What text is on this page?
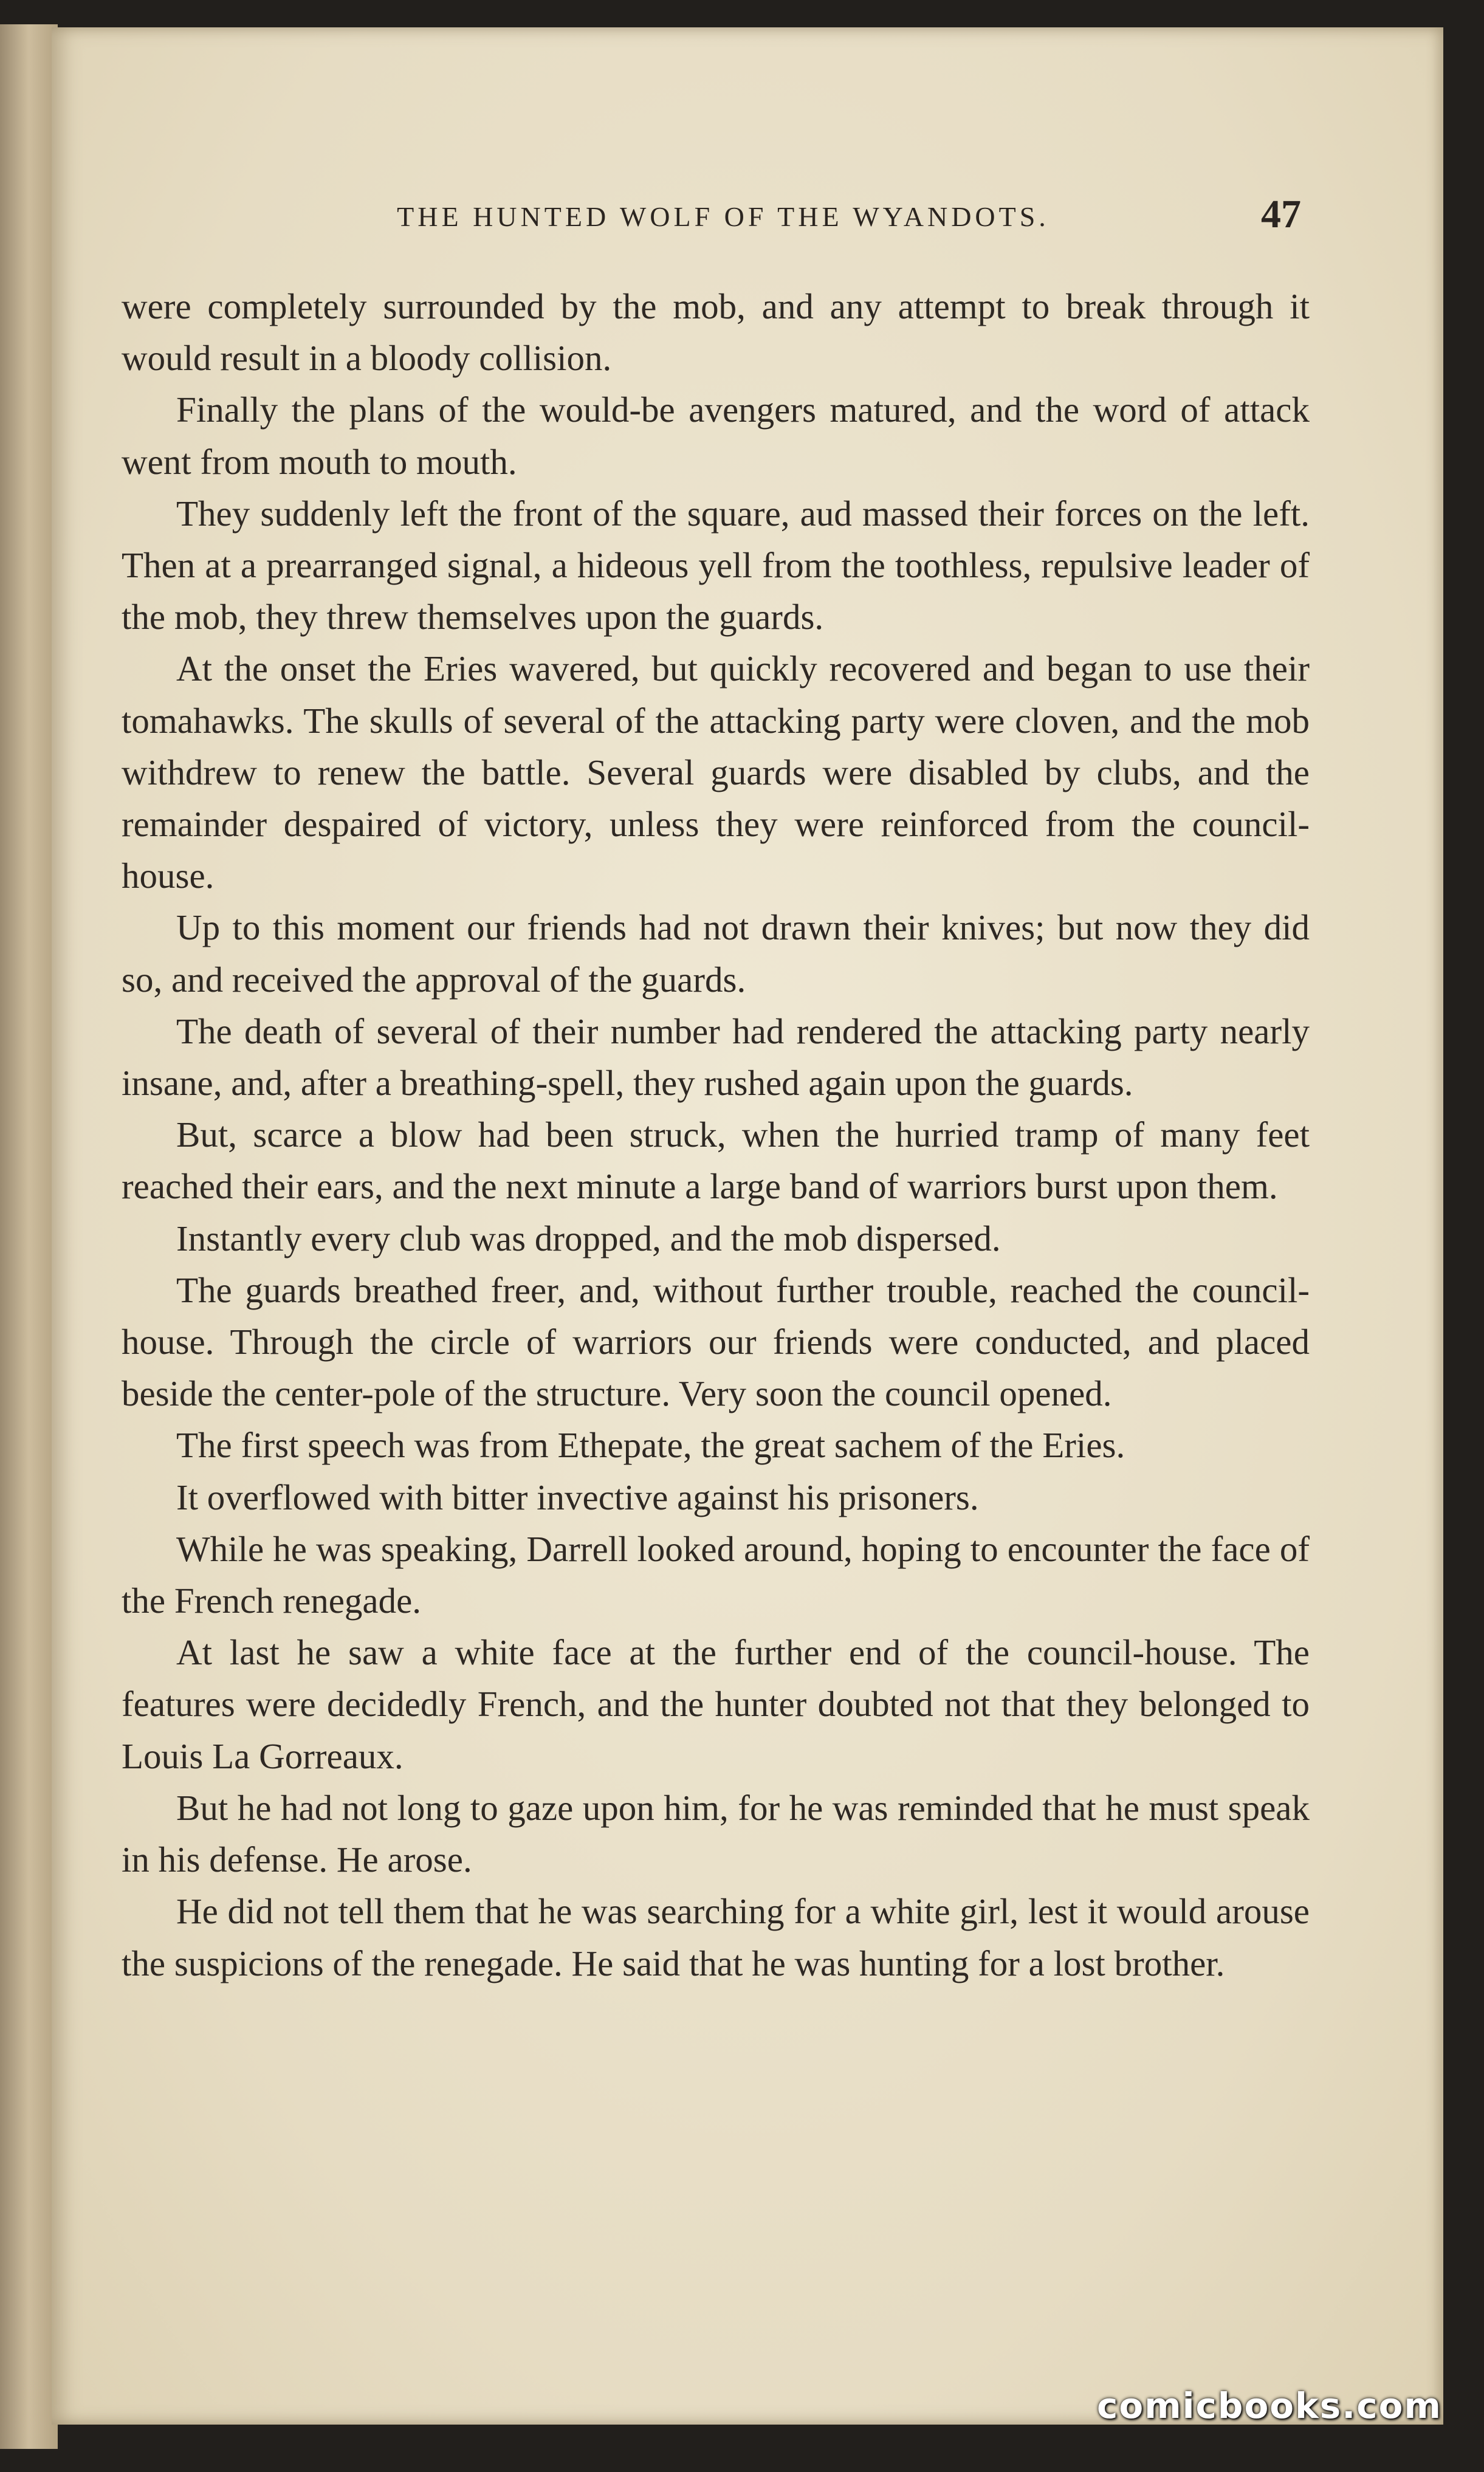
THE HUNTED WOLF OF THE WYANDOTS.	47

were completely surrounded by the mob, and any attempt to break through it would result in a bloody collision.

Finally the plans of the would-be avengers matured, and the word of attack went from mouth to mouth.

They suddenly left the front of the square, aud massed their forces on the left. Then at a prearranged signal, a hideous yell from the toothless, repulsive leader of the mob, they threw themselves upon the guards.

At the onset the Eries wavered, but quickly recovered and began to use their tomahawks. The skulls of several of the attacking party were cloven, and the mob withdrew to renew the battle. Several guards were disabled by clubs, and the remainder despaired of victory, unless they were reinforced from the council-house.

Up to this moment our friends had not drawn their knives; but now they did so, and received the approval of the guards.

The death of several of their number had rendered the attacking party nearly insane, and, after a breathing-spell, they rushed again upon the guards.

But, scarce a blow had been struck, when the hurried tramp of many feet reached their ears, and the next minute a large band of warriors burst upon them.

Instantly every club was dropped, and the mob dispersed.

The guards breathed freer, and, without further trouble, reached the council-house. Through the circle of warriors our friends were conducted, and placed beside the center-pole of the structure. Very soon the council opened.

The first speech was from Ethepate, the great sachem of the Eries.

It overflowed with bitter invective against his prisoners.

While he was speaking, Darrell looked around, hoping to encounter the face of the French renegade.

At last he saw a white face at the further end of the council-house. The features were decidedly French, and the hunter doubted not that they belonged to Louis La Gorreaux.

But he had not long to gaze upon him, for he was reminded that he must speak in his defense. He arose.

He did not tell them that he was searching for a white girl, lest it would arouse the suspicions of the renegade. He said that he was hunting for a lost brother.

comicbooks.com
